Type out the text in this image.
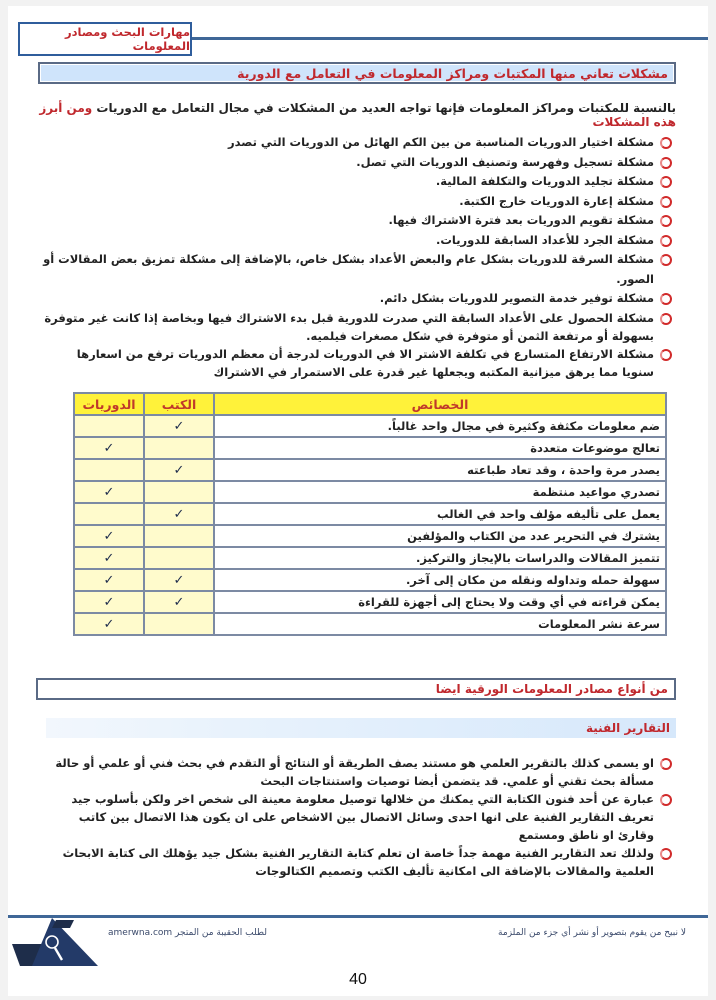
مهارات البحث ومصادر المعلومات
مشكلات تعاني منها المكتبات ومراكز المعلومات في التعامل مع الدورية
بالنسبة للمكتبات ومراكز المعلومات فإنها تواجه العديد من المشكلات في مجال التعامل مع الدوريات ومن أبرز هذه المشكلات
مشكلة اختيار الدوريات المناسبة من بين الكم الهائل من الدوريات التي تصدر
مشكلة تسجيل وفهرسة وتصنيف الدوريات التي تصل.
مشكلة تجليد الدوريات والتكلفة المالية.
مشكلة إعارة الدوريات خارج الكتبة.
مشكلة تقويم الدوريات بعد فترة الاشتراك فيها.
مشكلة الجرد للأعداد السابقة للدوريات.
مشكلة السرقة للدوريات بشكل عام والبعض الأعداد بشكل خاص، بالإضافة إلى مشكلة تمزيق بعض المقالات أو الصور.
مشكلة توفير خدمة التصوير للدوريات بشكل دائم.
مشكلة الحصول على الأعداد السابقة التي صدرت للدورية قبل بدء الاشتراك فيها وبخاصة إذا كانت غير متوفرة بسهولة أو مرتفعة الثمن أو متوفرة في شكل مصغرات فيلميه.
مشكلة الارتفاع المتسارع في تكلفة الاشتر الا في الدوريات لدرجة أن معظم الدوريات ترفع من اسعارها سنويا مما يرهق ميزانية المكتبه ويجعلها غير قدرة على الاستمرار في الاشتراك
الخصائص	الكتب	الدوريات
ضم معلومات مكثفة وكثيرة في مجال واحد غالباً.	✓	
تعالج موضوعات متعددة		✓
يصدر مرة واحدة ، وقد تعاد طباعته	✓	
تصدري مواعيد منتظمة		✓
يعمل على تأليفه مؤلف واحد في الغالب	✓	
يشترك في التحرير عدد من الكتاب والمؤلفين		✓
تتميز المقالات والدراسات بالإيجاز والتركيز.		✓
سهولة حمله وتداوله ونقله من مكان إلى آخر.	✓	✓
يمكن قراءته في أي وقت ولا يحتاج إلى أجهزة للقراءة	✓	✓
سرعة نشر المعلومات		✓
من أنواع مصادر المعلومات الورقية ايضا
التقارير الفنية
او يسمى كذلك بالتقرير العلمي هو مستند يصف الطريقة أو النتائج أو التقدم في بحث فني أو علمي أو حالة مسألة بحث تقني أو علمي. قد يتضمن أيضا توصيات واستنتاجات البحث
عبارة عن أحد فنون الكتابة التي يمكنك من خلالها توصيل معلومة معينة الى شخص اخر ولكن بأسلوب جيد تعريف التقارير الفنية على انها احدى وسائل الاتصال بين الاشخاص على ان يكون هذا الاتصال بين كاتب وقارئ او ناطق ومستمع
ولذلك تعد التقارير الفنية مهمة جداً خاصة ان تعلم كتابة التقارير الفنية بشكل جيد يؤهلك الى كتابة الابحاث العلمية والمقالات بالإضافة الى امكانية تأليف الكتب وتصميم الكتالوجات
لطلب الحقيبة من المتجر amerwna.com	لا نبيح من يقوم بتصوير أو نشر أي جزء من الملزمة
40
